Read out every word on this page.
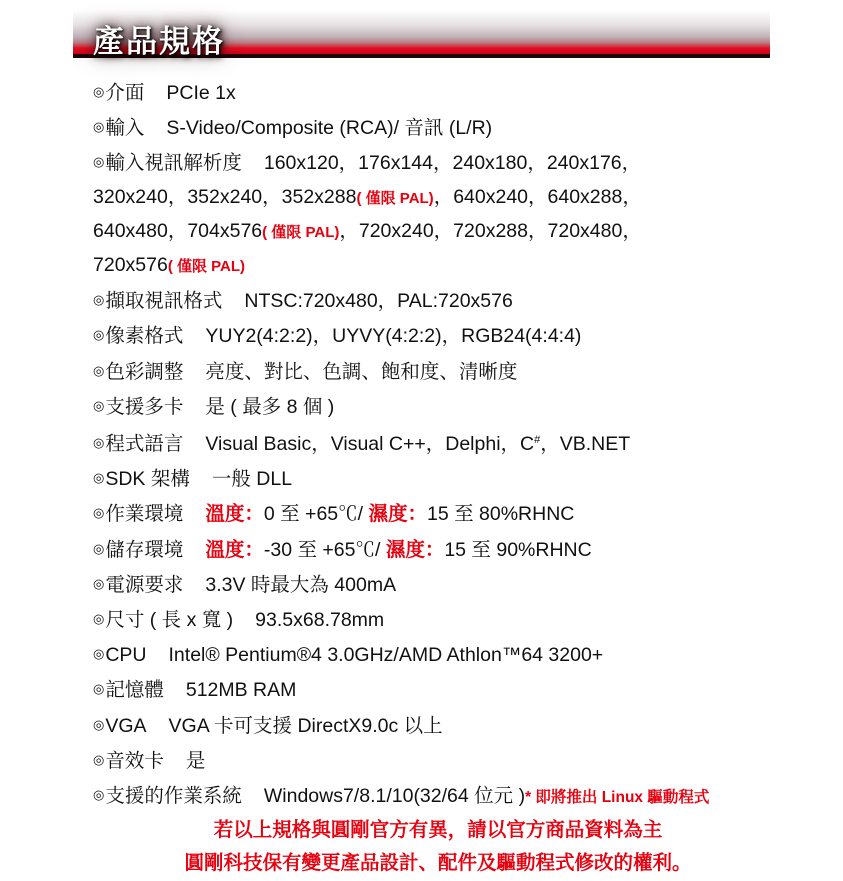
產品規格

◎介面 PCIe 1x

◎輸入 S-Video/Composite (RCA)/ 音訊 (L/R)

◎輸入視訊解析度 160x120，176x144，240x180，240x176，
320x240，352x240，352x288( 僅限 PAL)，640x240，640x288，
640x480，704x576( 僅限 PAL)，720x240，720x288，720x480，
720x576( 僅限 PAL)

◎擷取視訊格式 NTSC:720x480，PAL:720x576

◎像素格式 YUY2(4:2:2)，UYVY(4:2:2)，RGB24(4:4:4)

◎色彩調整 亮度、對比、色調、飽和度、清晰度

◎支援多卡 是 ( 最多 8 個 )

◎程式語言 Visual Basic，Visual C++，Delphi，C#，VB.NET

◎SDK 架構 一般 DLL

◎作業環境 溫度：0 至 +65℃/ 濕度：15 至 80%RHNC

◎儲存環境 溫度：-30 至 +65℃/ 濕度：15 至 90%RHNC

◎電源要求 3.3V 時最大為 400mA

◎尺寸 ( 長 x 寬 ) 93.5x68.78mm

◎CPU Intel® Pentium®4 3.0GHz/AMD Athlon™64 3200+

◎記憶體 512MB RAM

◎VGA VGA 卡可支援 DirectX9.0c 以上

◎音效卡 是

◎支援的作業系統 Windows7/8.1/10(32/64 位元 )* 即將推出 Linux 驅動程式

若以上規格與圓剛官方有異，請以官方商品資料為主

圓剛科技保有變更產品設計、配件及驅動程式修改的權利。
